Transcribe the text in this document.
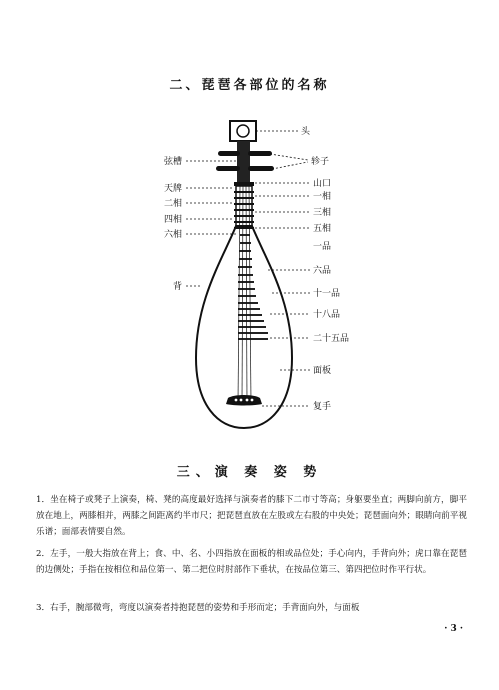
二、琵琶各部位的名称
头
轸子
山口
一相
三相
五相
一品
六品
十一品
十八品
二十五品
面板
复手
弦槽
天牌
二相
四相
六相
背
三、演 奏 姿 势

1．坐在椅子或凳子上演奏，椅、凳的高度最好选择与演奏者的膝下二市寸等高；身躯要坐直；两脚向前方，脚平放在地上，两膝相并，两膝之间距离约半市尺；把琵琶直放在左股或左右股的中央处；琵琶面向外；眼睛向前平视乐谱；面部表情要自然。

2．左手，一般大指放在背上；食、中、名、小四指放在面板的相或品位处；手心向内，手背向外；虎口靠在琵琶的边侧处；手指在按相位和品位第一、第二把位时肘部作下垂状，在按品位第三、第四把位时作平行状。

3．右手，腕部微弯，弯度以演奏者持抱琵琶的姿势和手形而定；手背面向外，与面板

· 3 ·
